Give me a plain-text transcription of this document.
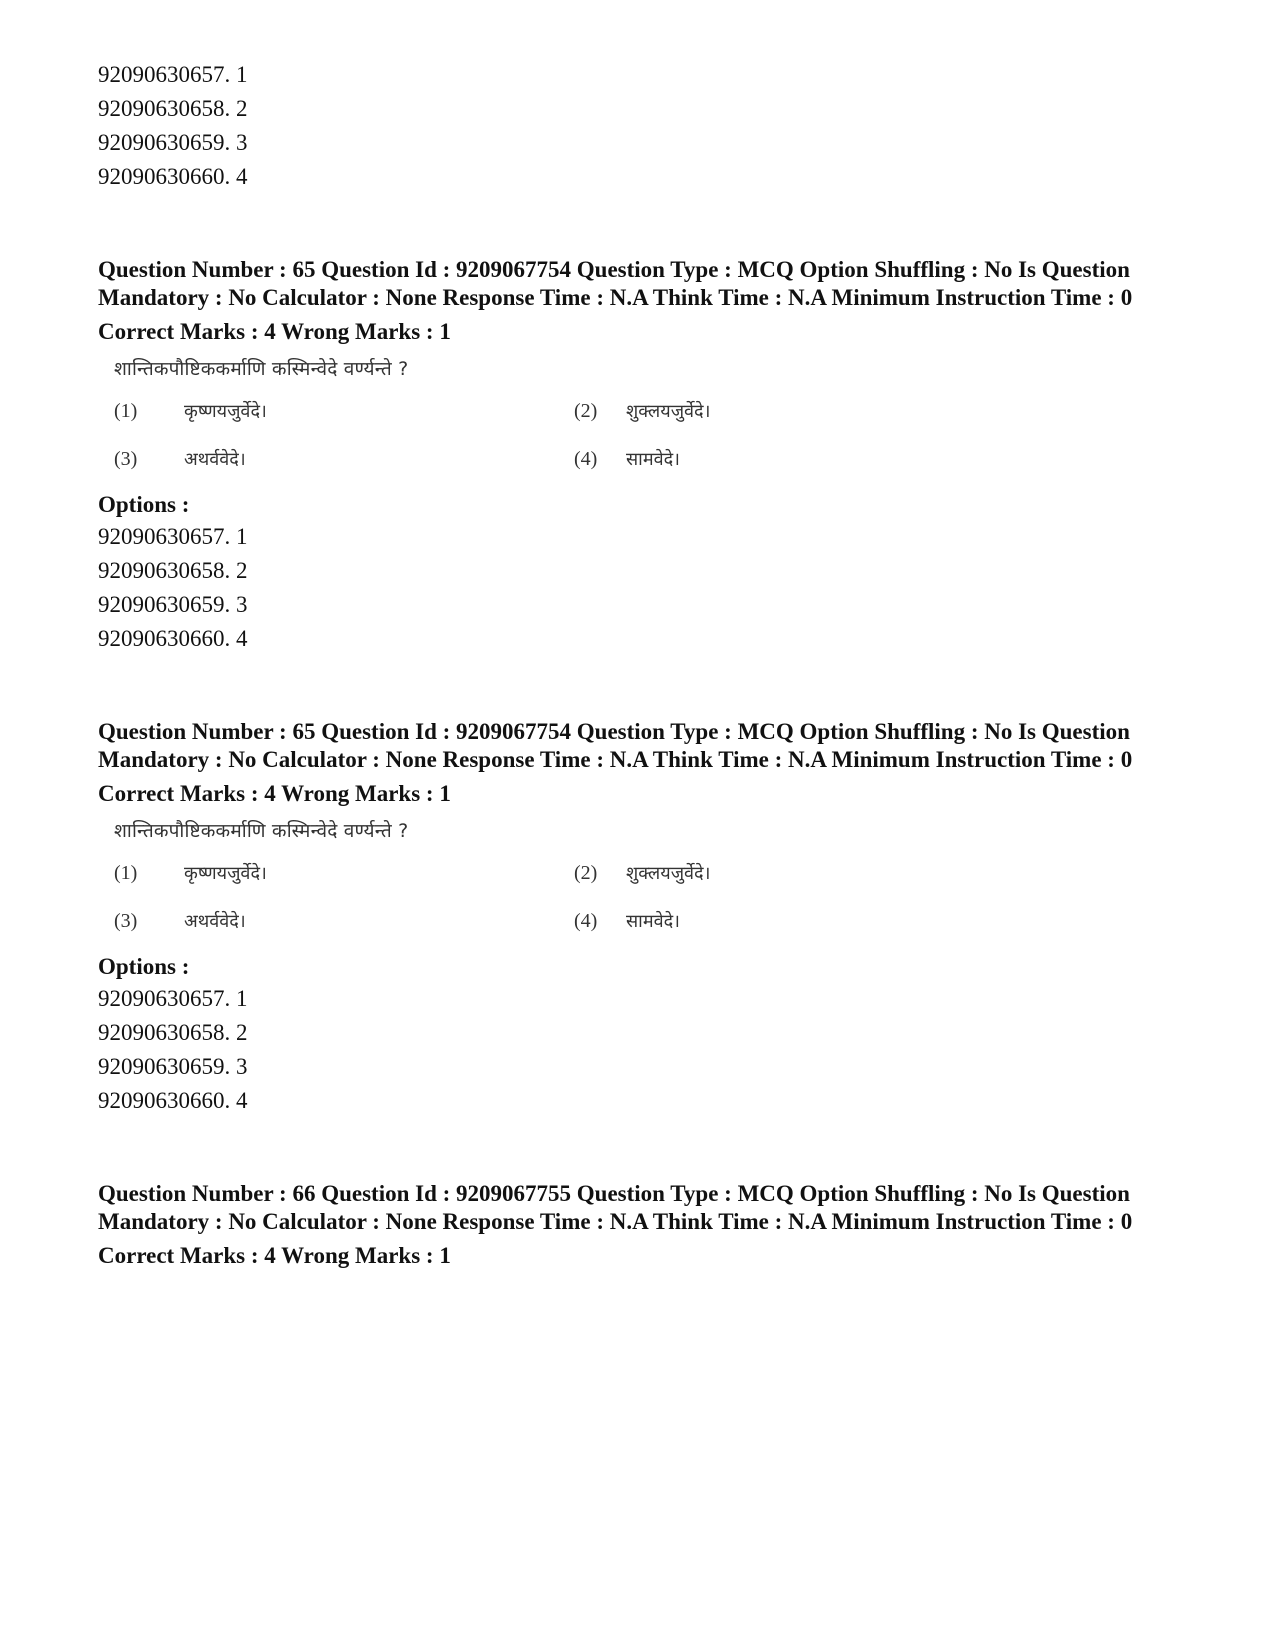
92090630657. 1
92090630658. 2
92090630659. 3
92090630660. 4

Question Number : 65 Question Id : 9209067754 Question Type : MCQ Option Shuffling : No Is Question Mandatory : No Calculator : None Response Time : N.A Think Time : N.A Minimum Instruction Time : 0

Correct Marks : 4 Wrong Marks : 1
शान्तिकपौष्टिककर्माणि कस्मिन्वेदे वर्ण्यन्ते ?
(1)	कृष्णयजुर्वेदे।	(2)	शुक्लयजुर्वेदे।
(3)	अथर्ववेदे।	(4)	सामवेदे।
Options :
92090630657. 1
92090630658. 2
92090630659. 3
92090630660. 4

Question Number : 65 Question Id : 9209067754 Question Type : MCQ Option Shuffling : No Is Question Mandatory : No Calculator : None Response Time : N.A Think Time : N.A Minimum Instruction Time : 0

Correct Marks : 4 Wrong Marks : 1
शान्तिकपौष्टिककर्माणि कस्मिन्वेदे वर्ण्यन्ते ?
(1)	कृष्णयजुर्वेदे।	(2)	शुक्लयजुर्वेदे।
(3)	अथर्ववेदे।	(4)	सामवेदे।
Options :
92090630657. 1
92090630658. 2
92090630659. 3
92090630660. 4

Question Number : 66 Question Id : 9209067755 Question Type : MCQ Option Shuffling : No Is Question Mandatory : No Calculator : None Response Time : N.A Think Time : N.A Minimum Instruction Time : 0

Correct Marks : 4 Wrong Marks : 1
